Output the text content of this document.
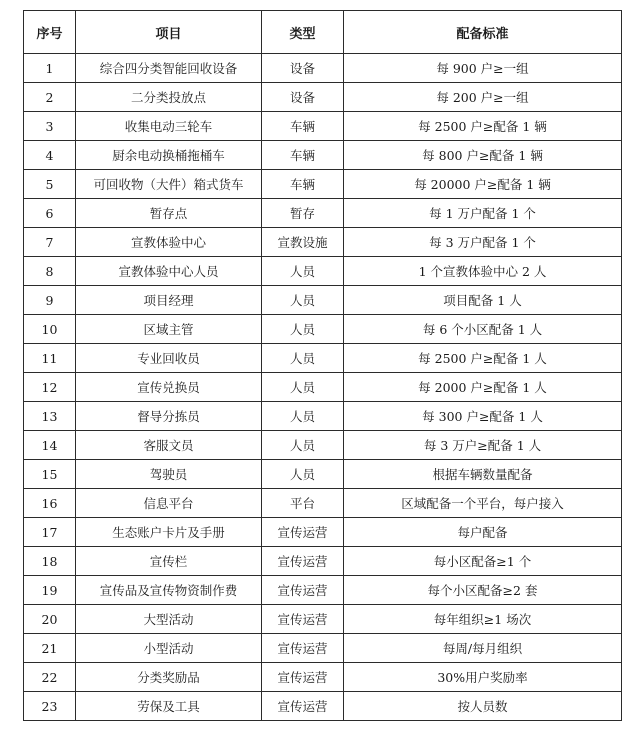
序号	项目	类型	配备标准
1	综合四分类智能回收设备	设备	每 900 户≥一组
2	二分类投放点	设备	每 200 户≥一组
3	收集电动三轮车	车辆	每 2500 户≥配备 1 辆
4	厨余电动换桶拖桶车	车辆	每 800 户≥配备 1 辆
5	可回收物（大件）箱式货车	车辆	每 20000 户≥配备 1 辆
6	暂存点	暂存	每 1 万户配备 1 个
7	宣教体验中心	宣教设施	每 3 万户配备 1 个
8	宣教体验中心人员	人员	1 个宣教体验中心 2 人
9	项目经理	人员	项目配备 1 人
10	区域主管	人员	每 6 个小区配备 1 人
11	专业回收员	人员	每 2500 户≥配备 1 人
12	宣传兑换员	人员	每 2000 户≥配备 1 人
13	督导分拣员	人员	每 300 户≥配备 1 人
14	客服文员	人员	每 3 万户≥配备 1 人
15	驾驶员	人员	根据车辆数量配备
16	信息平台	平台	区域配备一个平台，每户接入
17	生态账户卡片及手册	宣传运营	每户配备
18	宣传栏	宣传运营	每小区配备≥1 个
19	宣传品及宣传物资制作费	宣传运营	每个小区配备≥2 套
20	大型活动	宣传运营	每年组织≥1 场次
21	小型活动	宣传运营	每周/每月组织
22	分类奖励品	宣传运营	30%用户奖励率
23	劳保及工具	宣传运营	按人员数
